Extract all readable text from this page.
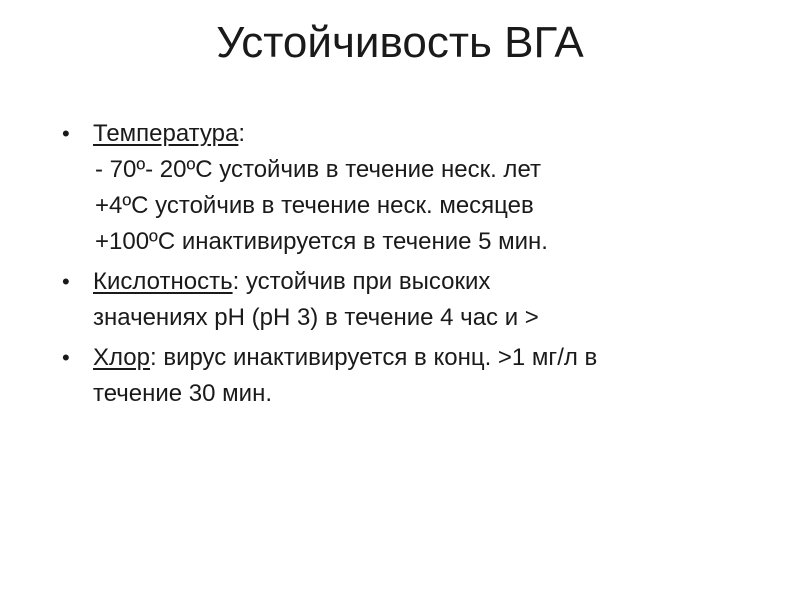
Устойчивость ВГА
• Температура:
- 70º- 20ºС устойчив в течение неск. лет
+4ºС устойчив в течение неск. месяцев
+100ºС инактивируется в течение 5 мин.
• Кислотность: устойчив при высоких
значениях рН (рН 3) в течение 4 час и >
• Хлор: вирус инактивируется в конц. >1 мг/л в
течение 30 мин.
